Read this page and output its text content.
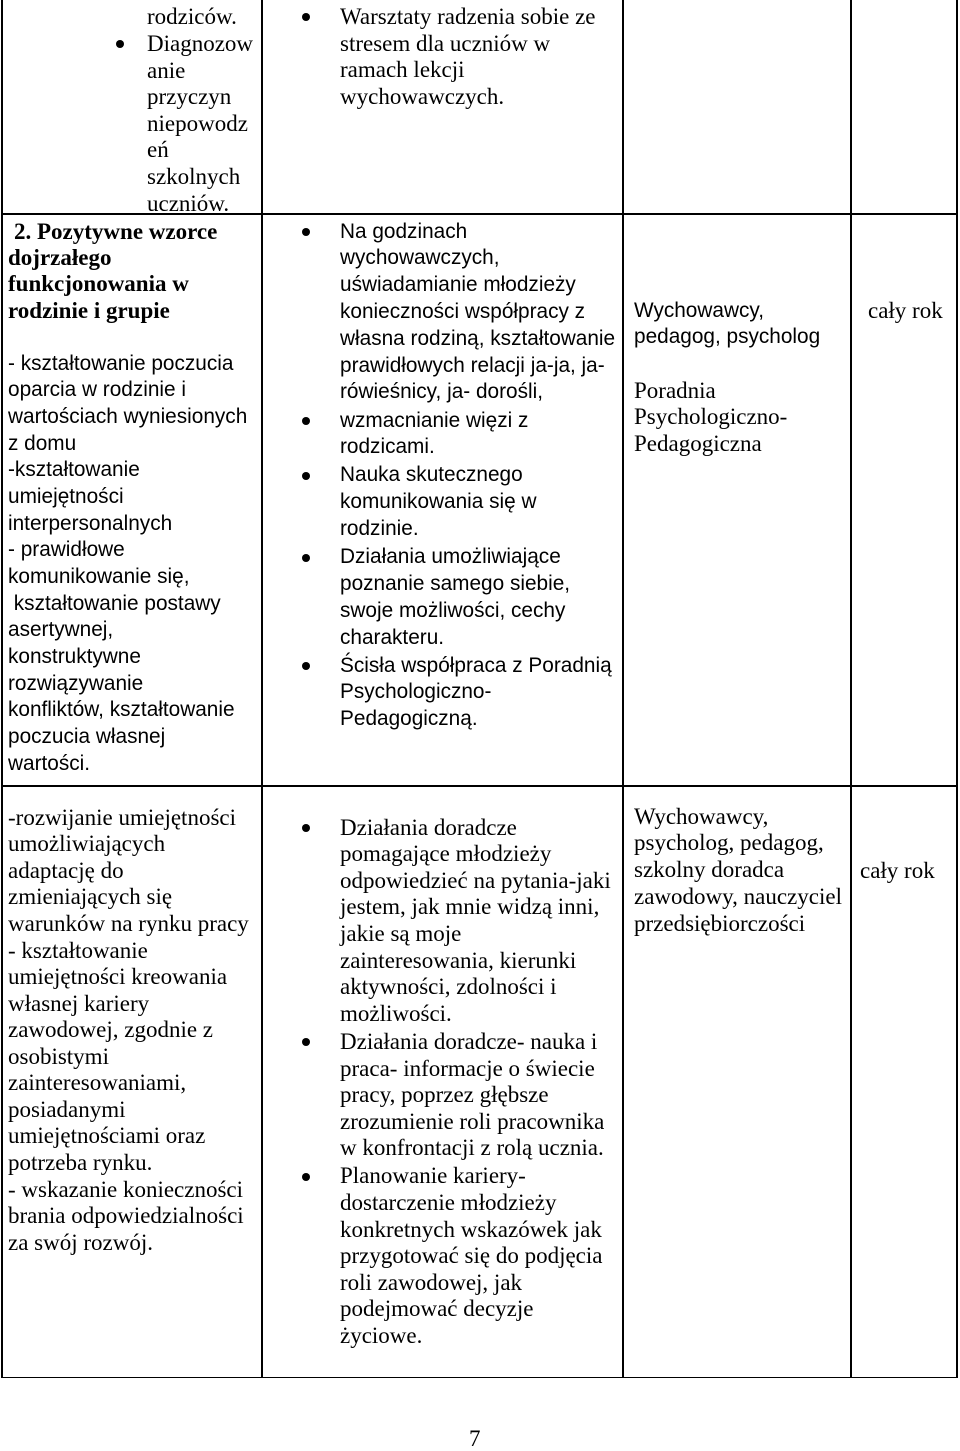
rodziców.
Diagnozow
anie
przyczyn
niepowodz
eń
szkolnych
uczniów.
Warsztaty radzenia sobie ze
stresem dla uczniów w
ramach lekcji
wychowawczych.
2. Pozytywne wzorce
dojrzałego
funkcjonowania w
rodzinie i grupie
- kształtowanie poczucia
oparcia w rodzinie i
wartościach wyniesionych
z domu
-kształtowanie
umiejętności
interpersonalnych
- prawidłowe
komunikowanie się,
kształtowanie postawy
asertywnej,
konstruktywne
rozwiązywanie
konfliktów, kształtowanie
poczucia własnej
wartości.
Na godzinach
wychowawczych,
uświadamianie młodzieży
konieczności współpracy z
własna rodziną, kształtowanie
prawidłowych relacji ja-ja, ja-
rówieśnicy, ja- dorośli,
wzmacnianie więzi z
rodzicami.
Nauka skutecznego
komunikowania się w
rodzinie.
Działania umożliwiające
poznanie samego siebie,
swoje możliwości, cechy
charakteru.
Ścisła współpraca z Poradnią
Psychologiczno-
Pedagogiczną.
Wychowawcy,
pedagog, psycholog
Poradnia
Psychologiczno-
Pedagogiczna
cały rok
-rozwijanie umiejętności
umożliwiających
adaptację do
zmieniających się
warunków na rynku pracy
- kształtowanie
umiejętności kreowania
własnej kariery
zawodowej, zgodnie z
osobistymi
zainteresowaniami,
posiadanymi
umiejętnościami oraz
potrzeba rynku.
- wskazanie konieczności
brania odpowiedzialności
za swój rozwój.
Działania doradcze
pomagające młodzieży
odpowiedzieć na pytania-jaki
jestem, jak mnie widzą inni,
jakie są moje
zainteresowania, kierunki
aktywności, zdolności i
możliwości.
Działania doradcze- nauka i
praca- informacje o świecie
pracy, poprzez głębsze
zrozumienie roli pracownika
w konfrontacji z rolą ucznia.
Planowanie kariery-
dostarczenie młodzieży
konkretnych wskazówek jak
przygotować się do podjęcia
roli zawodowej, jak
podejmować decyzje
życiowe.
Wychowawcy,
psycholog, pedagog,
szkolny doradca
zawodowy, nauczyciel
przedsiębiorczości
cały rok
7
